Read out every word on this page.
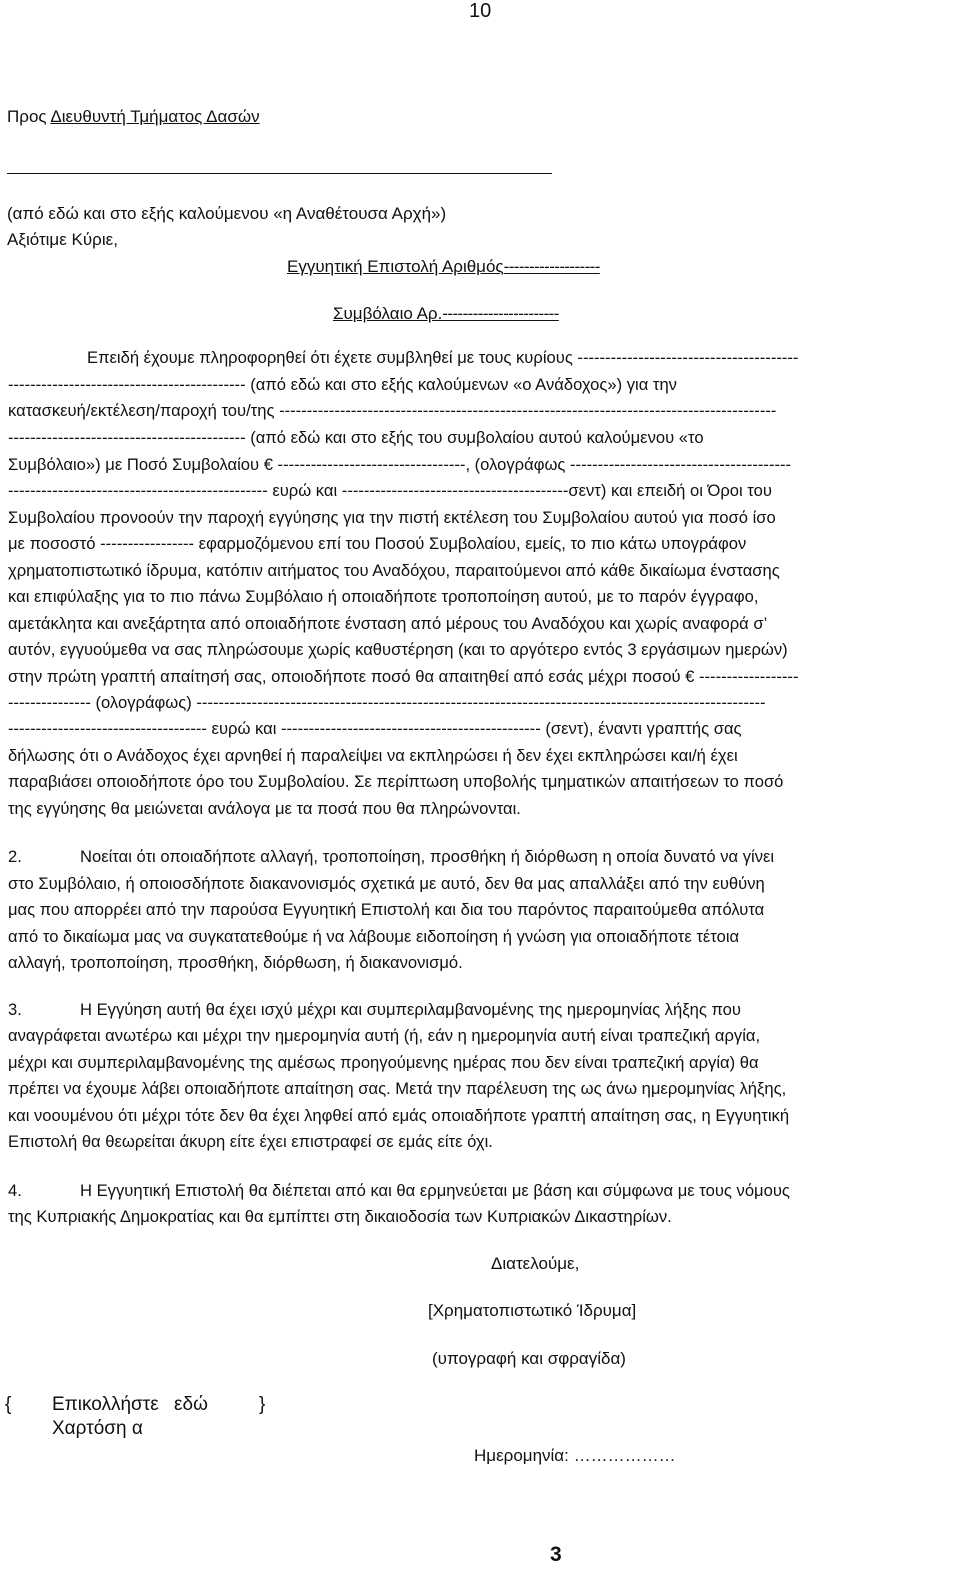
10
Προς Διευθυντή Τμήματος Δασών
(από εδώ και στο εξής καλούμενου «η Αναθέτουσα Αρχή»)
Αξιότιμε Κύριε,
Εγγυητική Επιστολή Αριθμός-------------------
Συμβόλαιο Αρ.-----------------------
Επειδή έχουμε πληροφορηθεί ότι έχετε συμβληθεί με τους κυρίους ----------------------------------------
------------------------------------------- (από εδώ και στο εξής καλούμενων «ο Ανάδοχος») για την
κατασκευή/εκτέλεση/παροχή του/της ------------------------------------------------------------------------------------------
------------------------------------------- (από εδώ και στο εξής του συμβολαίου αυτού καλούμενου «το
Συμβόλαιο») με Ποσό Συμβολαίου € ----------------------------------, (ολογράφως ----------------------------------------
----------------------------------------------- ευρώ και -----------------------------------------σεντ) και επειδή οι Όροι του
Συμβολαίου προνοούν την παροχή εγγύησης για την πιστή εκτέλεση του Συμβολαίου αυτού για ποσό ίσο
με ποσοστό ----------------- εφαρμοζόμενου επί του Ποσού Συμβολαίου, εμείς, το πιο κάτω υπογράφον
χρηματοπιστωτικό ίδρυμα, κατόπιν αιτήματος του Αναδόχου, παραιτούμενοι από κάθε δικαίωμα ένστασης
και επιφύλαξης για το πιο πάνω Συμβόλαιο ή οποιαδήποτε τροποποίηση αυτού, με το παρόν έγγραφο,
αμετάκλητα και ανεξάρτητα από οποιαδήποτε ένσταση από μέρους του Αναδόχου και χωρίς αναφορά σ’
αυτόν, εγγυούμεθα να σας πληρώσουμε χωρίς καθυστέρηση (και το αργότερο εντός 3 εργάσιμων ημερών)
στην πρώτη γραπτή απαίτησή σας, οποιοδήποτε ποσό θα απαιτηθεί από εσάς μέχρι ποσού € ------------------
--------------- (ολογράφως) -------------------------------------------------------------------------------------------------------
------------------------------------ ευρώ και ----------------------------------------------- (σεντ), έναντι γραπτής σας
δήλωσης ότι ο Ανάδοχος έχει αρνηθεί ή παραλείψει να εκπληρώσει ή δεν έχει εκπληρώσει και/ή έχει
παραβιάσει οποιοδήποτε όρο του Συμβολαίου. Σε περίπτωση υποβολής τμηματικών απαιτήσεων το ποσό
της εγγύησης θα μειώνεται ανάλογα με τα ποσά που θα πληρώνονται.
2.	Νοείται ότι οποιαδήποτε αλλαγή, τροποποίηση, προσθήκη ή διόρθωση η οποία δυνατό να γίνει
στο Συμβόλαιο, ή οποιοσδήποτε διακανονισμός σχετικά με αυτό, δεν θα μας απαλλάξει από την ευθύνη
μας που απορρέει από την παρούσα Εγγυητική Επιστολή και δια του παρόντος παραιτούμεθα απόλυτα
από το δικαίωμα μας να συγκατατεθούμε ή να λάβουμε ειδοποίηση ή γνώση για οποιαδήποτε τέτοια
αλλαγή, τροποποίηση, προσθήκη, διόρθωση, ή διακανονισμό.
3.	Η Εγγύηση αυτή θα έχει ισχύ μέχρι και συμπεριλαμβανομένης της ημερομηνίας λήξης που
αναγράφεται ανωτέρω και μέχρι την ημερομηνία αυτή (ή, εάν η ημερομηνία αυτή είναι τραπεζική αργία,
μέχρι και συμπεριλαμβανομένης της αμέσως προηγούμενης ημέρας που δεν είναι τραπεζική αργία) θα
πρέπει να έχουμε λάβει οποιαδήποτε απαίτηση σας. Μετά την παρέλευση της ως άνω ημερομηνίας λήξης,
και νοουμένου ότι μέχρι τότε δεν θα έχει ληφθεί από εμάς οποιαδήποτε γραπτή απαίτηση σας, η Εγγυητική
Επιστολή θα θεωρείται άκυρη είτε έχει επιστραφεί σε εμάς είτε όχι.
4.	Η Εγγυητική Επιστολή θα διέπεται από και θα ερμηνεύεται με βάση και σύμφωνα με τους νόμους
της Κυπριακής Δημοκρατίας και θα εμπίπτει στη δικαιοδοσία των Κυπριακών Δικαστηρίων.
Διατελούμε,
[Χρηματοπιστωτικό Ίδρυμα]
(υπογραφή και σφραγίδα)
{ Επικολλήστε εδώ	}
Χαρτόση α
Ημερομηνία: ………………
3
